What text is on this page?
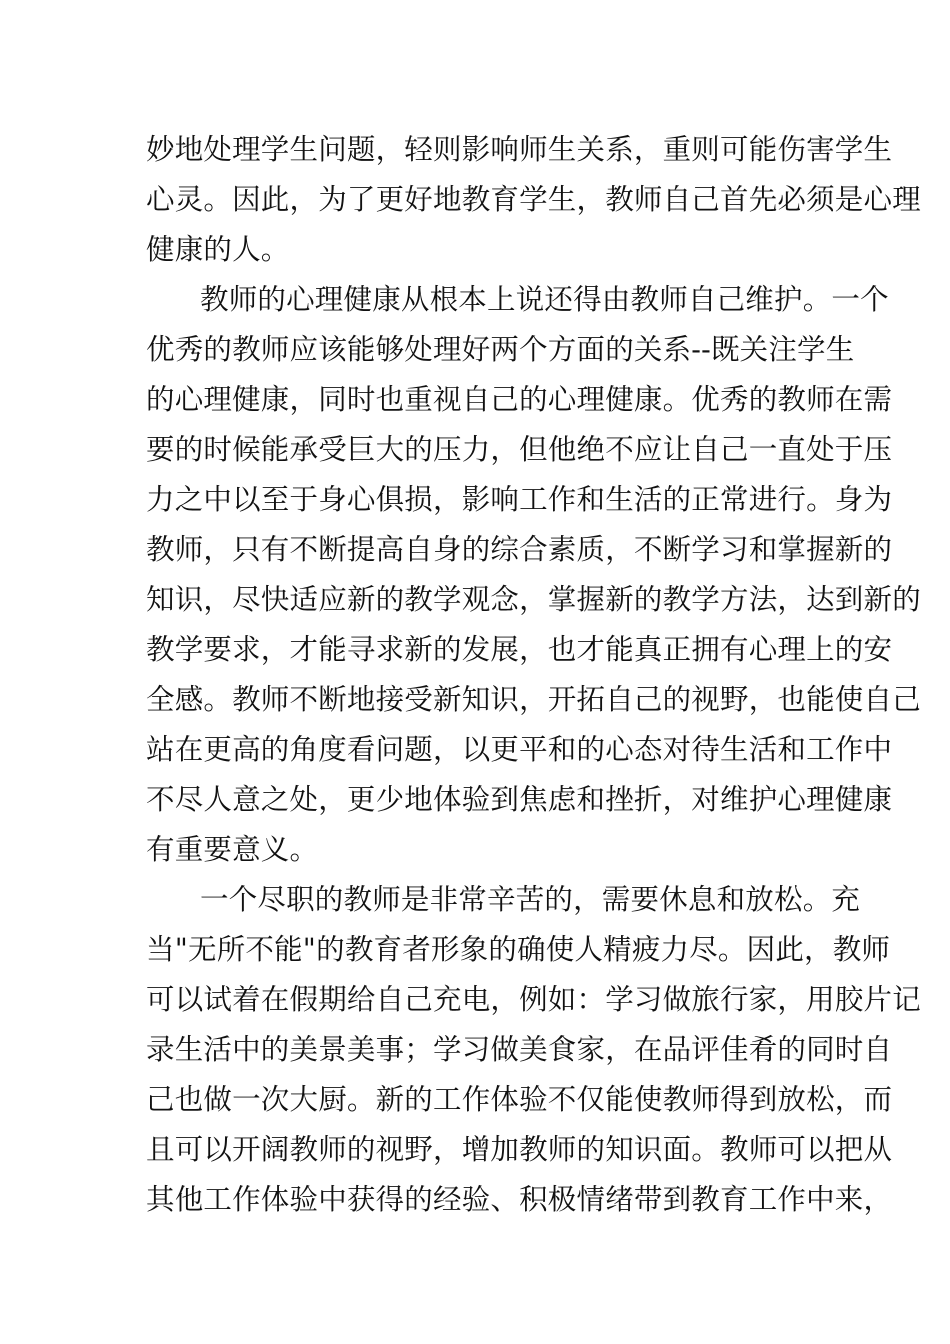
妙地处理学生问题，轻则影响师生关系，重则可能伤害学生
心灵。因此，为了更好地教育学生，教师自己首先必须是心理
健康的人。
教师的心理健康从根本上说还得由教师自己维护。一个
优秀的教师应该能够处理好两个方面的关系--既关注学生
的心理健康，同时也重视自己的心理健康。优秀的教师在需
要的时候能承受巨大的压力，但他绝不应让自己一直处于压
力之中以至于身心俱损，影响工作和生活的正常进行。身为
教师，只有不断提高自身的综合素质，不断学习和掌握新的
知识，尽快适应新的教学观念，掌握新的教学方法，达到新的
教学要求，才能寻求新的发展，也才能真正拥有心理上的安
全感。教师不断地接受新知识，开拓自己的视野，也能使自己
站在更高的角度看问题，以更平和的心态对待生活和工作中
不尽人意之处，更少地体验到焦虑和挫折，对维护心理健康
有重要意义。
一个尽职的教师是非常辛苦的，需要休息和放松。充
当"无所不能"的教育者形象的确使人精疲力尽。因此，教师
可以试着在假期给自己充电，例如：学习做旅行家，用胶片记
录生活中的美景美事；学习做美食家，在品评佳肴的同时自
己也做一次大厨。新的工作体验不仅能使教师得到放松，而
且可以开阔教师的视野，增加教师的知识面。教师可以把从
其他工作体验中获得的经验、积极情绪带到教育工作中来，
